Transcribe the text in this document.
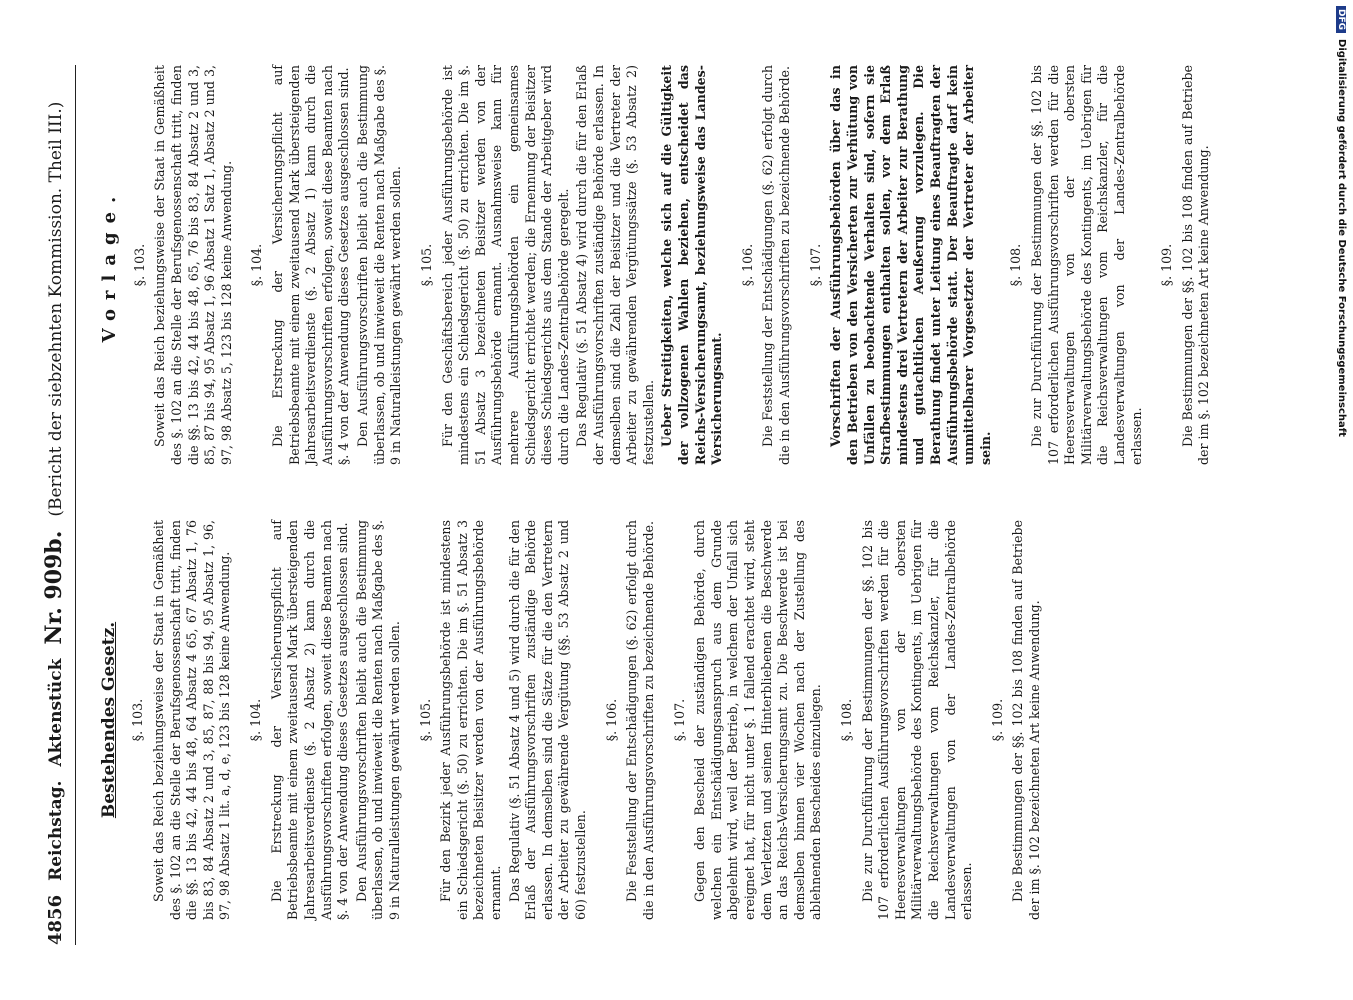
DFGDigitalisierung gefördert durch die Deutsche Forschungsgemeinschaft
4856
Reichstag.
Aktenstück
Nr. 909b.
(Bericht der siebzehnten Kommission. Theil III.)
Bestehendes Gesetz. §. 103. Soweit das Reich beziehungsweise der Staat in Gemäßheit des §. 102 an die Stelle der Berufsgenossenschaft tritt, finden die §§. 13 bis 42, 44 bis 48, 64 Absatz 4 65, 67 Absatz 1, 76 bis 83, 84 Absatz 2 und 3, 85, 87, 88 bis 94, 95 Absatz 1, 96, 97, 98 Absatz 1 lit. a, d, e, 123 bis 128 keine Anwendung. §. 104. Die Erstreckung der Versicherungspflicht auf Betriebsbeamte mit einem zweitausend Mark übersteigenden Jahresarbeitsverdienste (§. 2 Absatz 2) kann durch die Ausführungsvorschriften erfolgen, soweit diese Beamten nach §. 4 von der Anwendung dieses Gesetzes ausgeschlossen sind. Den Ausführungsvorschriften bleibt auch die Bestimmung überlassen, ob und inwieweit die Renten nach Maßgabe des §. 9 in Naturalleistungen gewährt werden sollen. §. 105. Für den Bezirk jeder Ausführungsbehörde ist mindestens ein Schiedsgericht (§. 50) zu errichten. Die im §. 51 Absatz 3 bezeichneten Beisitzer werden von der Ausführungsbehörde ernannt. Das Regulativ (§. 51 Absatz 4 und 5) wird durch die für den Erlaß der Ausführungsvorschriften zuständige Behörde erlassen. In demselben sind die Sätze für die den Vertretern der Arbeiter zu gewährende Vergütung (§§. 53 Absatz 2 und 60) festzustellen.

§. 106. Die Feststellung der Entschädigungen (§. 62) erfolgt durch die in den Ausführungsvorschriften zu bezeichnende Behörde. §. 107. Gegen den Bescheid der zuständigen Behörde, durch welchen ein Entschädigungsanspruch aus dem Grunde abgelehnt wird, weil der Betrieb, in welchem der Unfall sich ereignet hat, für nicht unter §. 1 fallend erachtet wird, steht dem Verletzten und seinen Hinterbliebenen die Beschwerde an das Reichs-Versicherungsamt zu. Die Beschwerde ist bei demselben binnen vier Wochen nach der Zustellung des ablehnenden Bescheides einzulegen. §. 108. Die zur Durchführung der Bestimmungen der §§. 102 bis 107 erforderlichen Ausführungsvorschriften werden für die Heeresverwaltungen von der obersten Militärverwaltungsbehörde des Kontingents, im Uebrigen für die Reichsverwaltungen vom Reichskanzler, für die Landesverwaltungen von der Landes-Zentralbehörde erlassen.

§. 109. Die Bestimmungen der §§. 102 bis 108 finden auf Betriebe der im §. 102 bezeichneten Art keine Anwendung.

Vorlage. §. 103. Soweit das Reich beziehungsweise der Staat in Gemäßheit des §. 102 an die Stelle der Berufsgenossenschaft tritt, finden die §§. 13 bis 42, 44 bis 48, 65, 76 bis 83, 84 Absatz 2 und 3, 85, 87 bis 94, 95 Absatz 1, 96 Absatz 1 Satz 1, Absatz 2 und 3, 97, 98 Absatz 5, 123 bis 128 keine Anwendung. §. 104. Die Erstreckung der Versicherungspflicht auf Betriebsbeamte mit einem zweitausend Mark übersteigenden Jahresarbeitsverdienste (§. 2 Absatz 1) kann durch die Ausführungsvorschriften erfolgen, soweit diese Beamten nach §. 4 von der Anwendung dieses Gesetzes ausgeschlossen sind. Den Ausführungsvorschriften bleibt auch die Bestimmung überlassen, ob und inwieweit die Renten nach Maßgabe des §. 9 in Naturalleistungen gewährt werden sollen. §. 105. Für den Geschäftsbereich jeder Ausführungsbehörde ist mindestens ein Schiedsgericht (§. 50) zu errichten. Die im §. 51 Absatz 3 bezeichneten Beisitzer werden von der Ausführungsbehörde ernannt. Ausnahmsweise kann für mehrere Ausführungsbehörden ein gemeinsames Schiedsgericht errichtet werden; die Ernennung der Beisitzer dieses Schiedsgerichts aus dem Stande der Arbeitgeber wird durch die Landes-Zentralbehörde geregelt. Das Regulativ (§. 51 Absatz 4) wird durch die für den Erlaß der Ausführungsvorschriften zuständige Behörde erlassen. In demselben sind die Zahl der Beisitzer und die Vertreter der Arbeiter zu gewährenden Vergütungssätze (§. 53 Absatz 2) festzustellen. Ueber Streitigkeiten, welche sich auf die Gültigkeit der vollzogenen Wahlen beziehen, entscheidet das Reichs-Versicherungsamt, beziehungsweise das Landes-Versicherungsamt.

§. 106. Die Feststellung der Entschädigungen (§. 62) erfolgt durch die in den Ausführungsvorschriften zu bezeichnende Behörde. §. 107. Vorschriften der Ausführungsbehörden über das in den Betrieben von den Versicherten zur Verhütung von Unfällen zu beobachtende Verhalten sind, sofern sie Strafbestimmungen enthalten sollen, vor dem Erlaß mindestens drei Vertretern der Arbeiter zur Berathung und gutachtlichen Aeußerung vorzulegen. Die Berathung findet unter Leitung eines Beauftragten der Ausführungsbehörde statt. Der Beauftragte darf kein unmittelbarer Vorgesetzter der Vertreter der Arbeiter sein.

§. 108. Die zur Durchführung der Bestimmungen der §§. 102 bis 107 erforderlichen Ausführungsvorschriften werden für die Heeresverwaltungen von der obersten Militärverwaltungsbehörde des Kontingents, im Uebrigen für die Reichsverwaltungen vom Reichskanzler, für die Landesverwaltungen von der Landes-Zentralbehörde erlassen.

§. 109. Die Bestimmungen der §§. 102 bis 108 finden auf Betriebe der im §. 102 bezeichneten Art keine Anwendung.
